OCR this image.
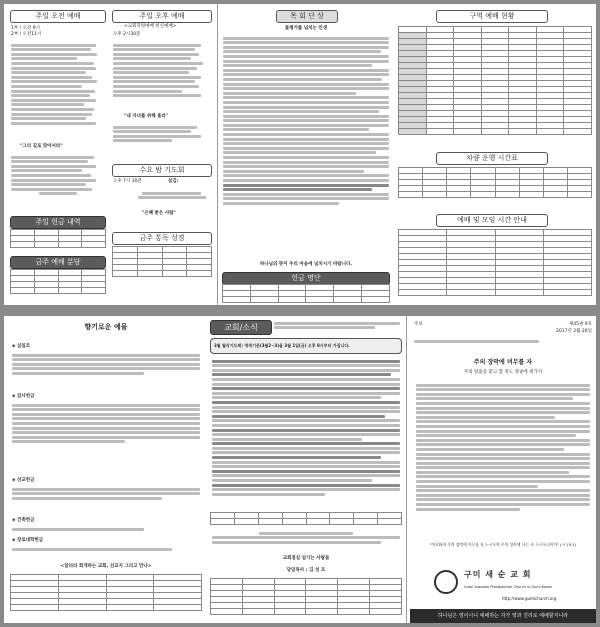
주일 오전 예배
1부 / 오전 9시
2부 / 오전11시
"그리 길로 맞아서라"
주일 헌금 내역

금주 예배 분담

주일 오후 예배
<교회학원예배 헌신예배>
오후 2시30분
"내 자녀를 위해 울라"
수요 밤 기도회
오후 7시 30분	섬김:
"은혜 받은 사람"
금주 통독 성경

목 회 단 상
불평거를 넘치는 인생
하나님의 뜻이 우리 마음에 넘치시기 바랍니다.
헌금 명단

구역 예배 현황

차량 운행 시간표

예배 및 모임 시간 안내

향기로운 예물
◈ 십일조
◈ 감사헌금
◈ 선교헌금
◈ 건축헌금
◈ 장로대학헌금
<알리라 회개하는 교회, 선교지 그리고 만나>

교회/소식
3월 월삭기도회: 영적기운(3월2~3)을 3월 1일(금) 오후 8시부터 가집니다.

교회점심 섬기는 사람들
당임목사 : 김 성 조

주보	제45권 9호
2017년 2월 26일
주의 장막에 머무를 자
주의 말씀을 맞고 할 정도 영광에 세가지
"여호와여 주의 장막에 머무를 자 누구오며 주의 성산에 사는 자 누구오니이까" (시 15:1)
구미 새 순 교 회
Gumi Saesoon Presbyterian Church in Gumi Korea
http://www.gumichurch.org
하나님은 영이시니 예배하는 자가 영과 진리로 예배할지니라
